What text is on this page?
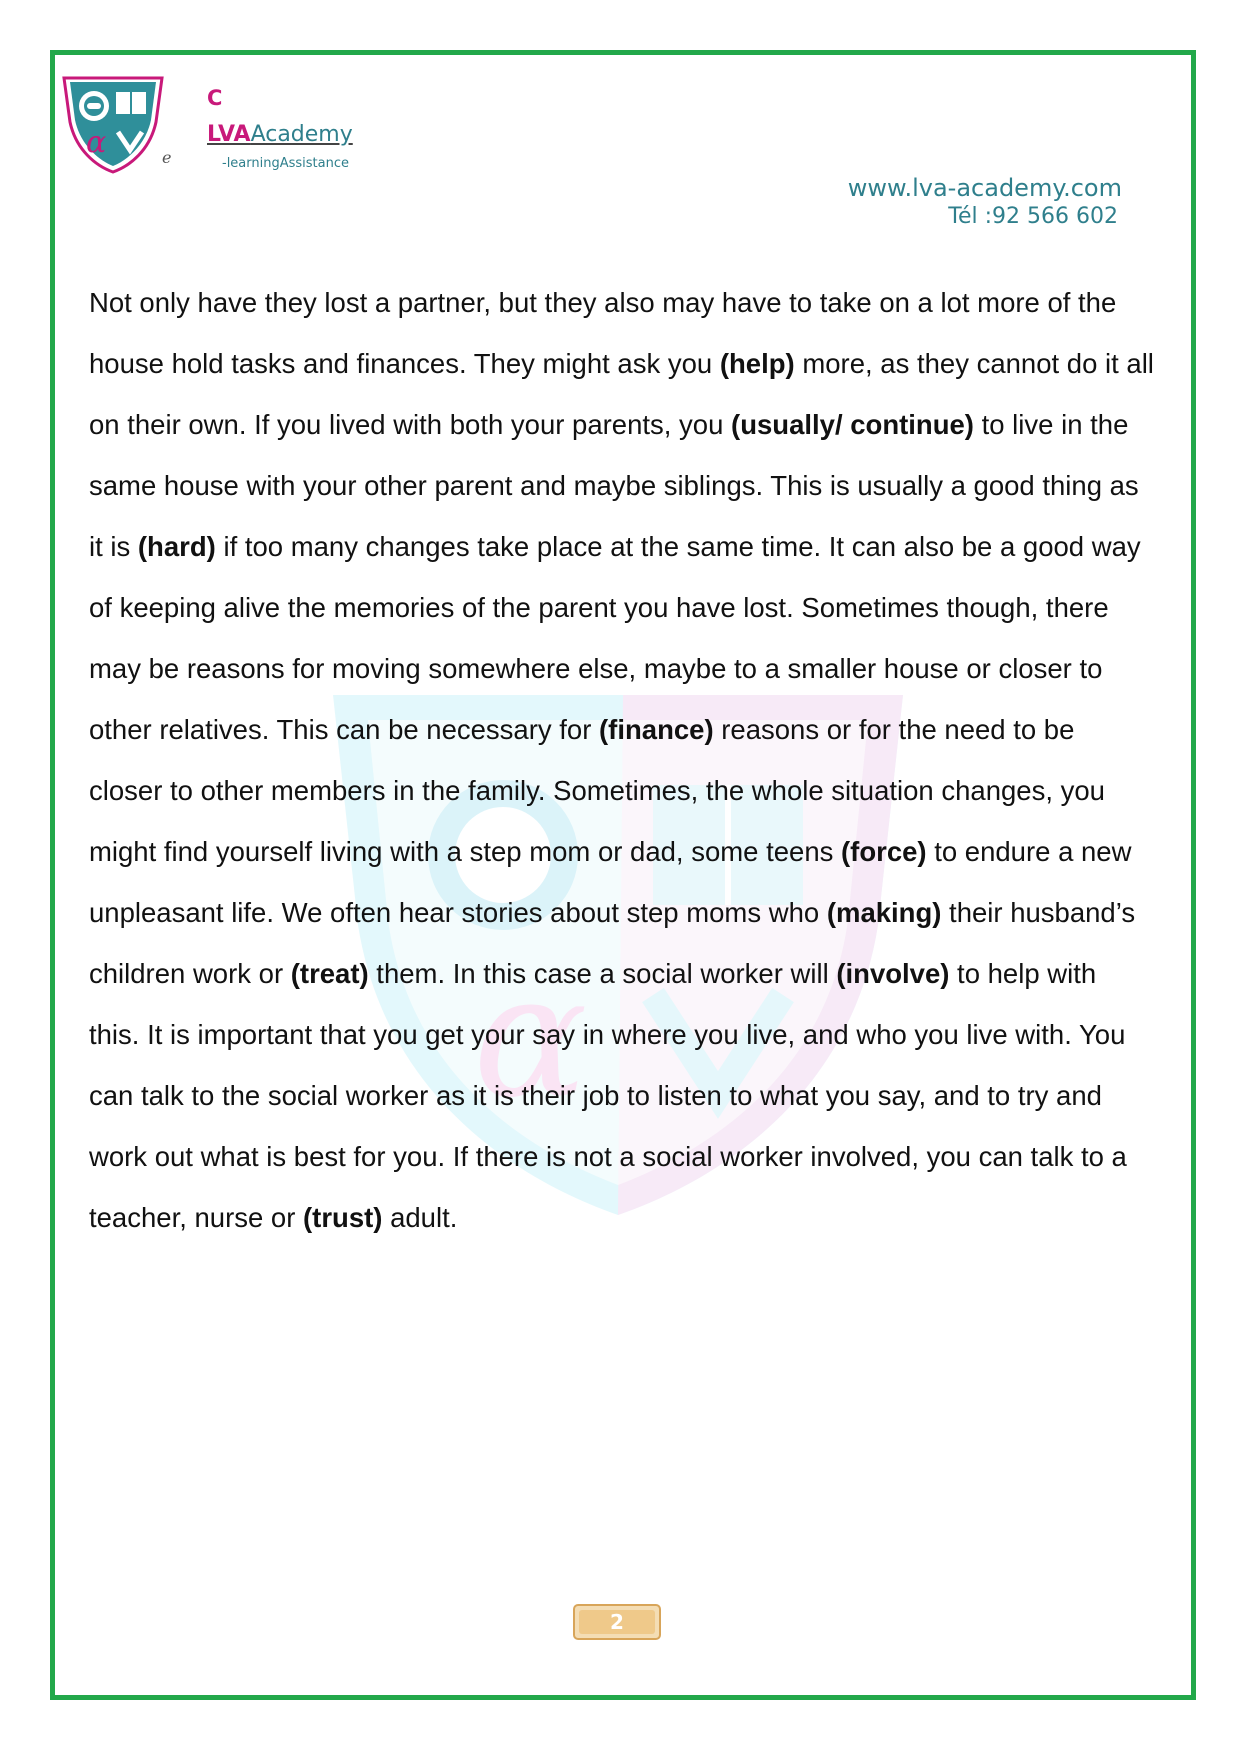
α	e
C
LVAAcademy
-learningAssistance
www.lva-academy.com
Tél :92 566 602
α

Not only have they lost a partner, but they also may have to take on a lot more of the house hold tasks and finances. They might ask you (help) more, as they cannot do it all on their own. If you lived with both your parents, you (usually/ continue) to live in the same house with your other parent and maybe siblings. This is usually a good thing as it is (hard) if too many changes take place at the same time. It can also be a good way of keeping alive the memories of the parent you have lost. Sometimes though, there may be reasons for moving somewhere else, maybe to a smaller house or closer to other relatives. This can be necessary for (finance) reasons or for the need to be closer to other members in the family. Sometimes, the whole situation changes, you might find yourself living with a step mom or dad, some teens (force) to endure a new unpleasant life. We often hear stories about step moms who (making) their husband’s children work or (treat) them. In this case a social worker will (involve) to help with this. It is important that you get your say in where you live, and who you live with. You can talk to the social worker as it is their job to listen to what you say, and to try and work out what is best for you. If there is not a social worker involved, you can talk to a teacher, nurse or (trust) adult.

2
